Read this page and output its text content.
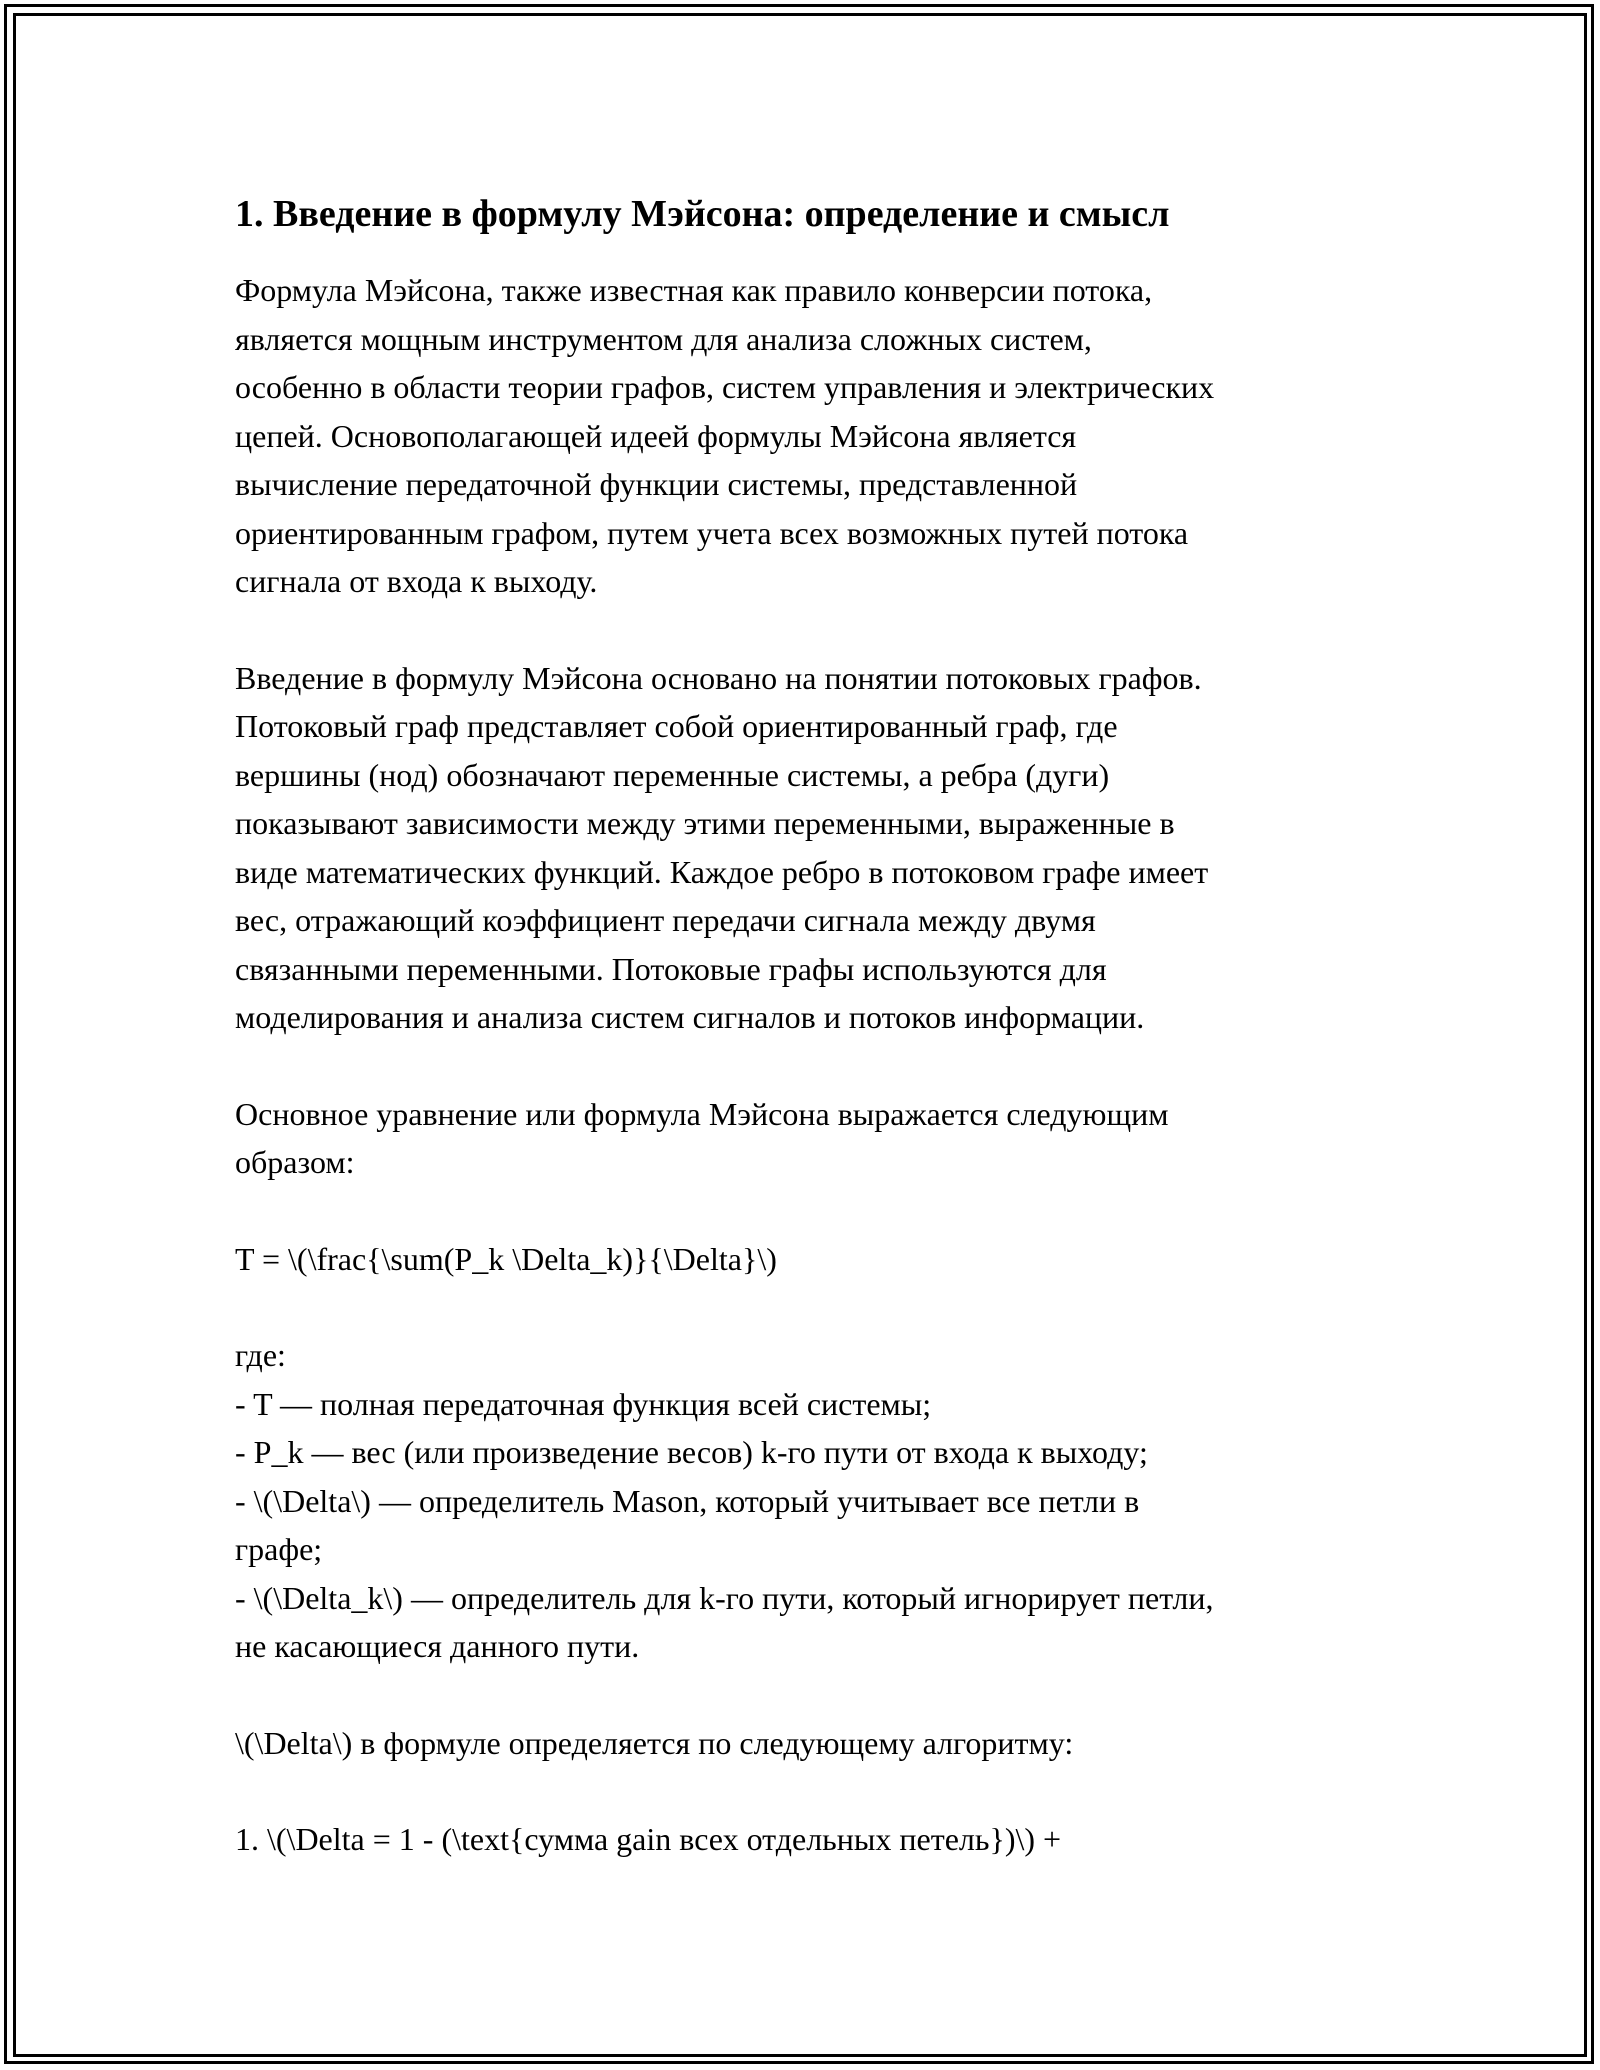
1. Введение в формулу Мэйсона: определение и смысл
Формула Мэйсона, также известная как правило конверсии потока,
является мощным инструментом для анализа сложных систем,
особенно в области теории графов, систем управления и электрических
цепей. Основополагающей идеей формулы Мэйсона является
вычисление передаточной функции системы, представленной
ориентированным графом, путем учета всех возможных путей потока
сигнала от входа к выходу.
Введение в формулу Мэйсона основано на понятии потоковых графов.
Потоковый граф представляет собой ориентированный граф, где
вершины (нод) обозначают переменные системы, а ребра (дуги)
показывают зависимости между этими переменными, выраженные в
виде математических функций. Каждое ребро в потоковом графе имеет
вес, отражающий коэффициент передачи сигнала между двумя
связанными переменными. Потоковые графы используются для
моделирования и анализа систем сигналов и потоков информации.
Основное уравнение или формула Мэйсона выражается следующим
образом:
T = \(\frac{\sum(P_k \Delta_k)}{\Delta}\)
где:
- T — полная передаточная функция всей системы;
- P_k — вес (или произведение весов) k-го пути от входа к выходу;
- \(\Delta\) — определитель Mason, который учитывает все петли в
графе;
- \(\Delta_k\) — определитель для k-го пути, который игнорирует петли,
не касающиеся данного пути.
\(\Delta\) в формуле определяется по следующему алгоритму:
1. \(\Delta = 1 - (\text{сумма gain всех отдельных петель})\) +
